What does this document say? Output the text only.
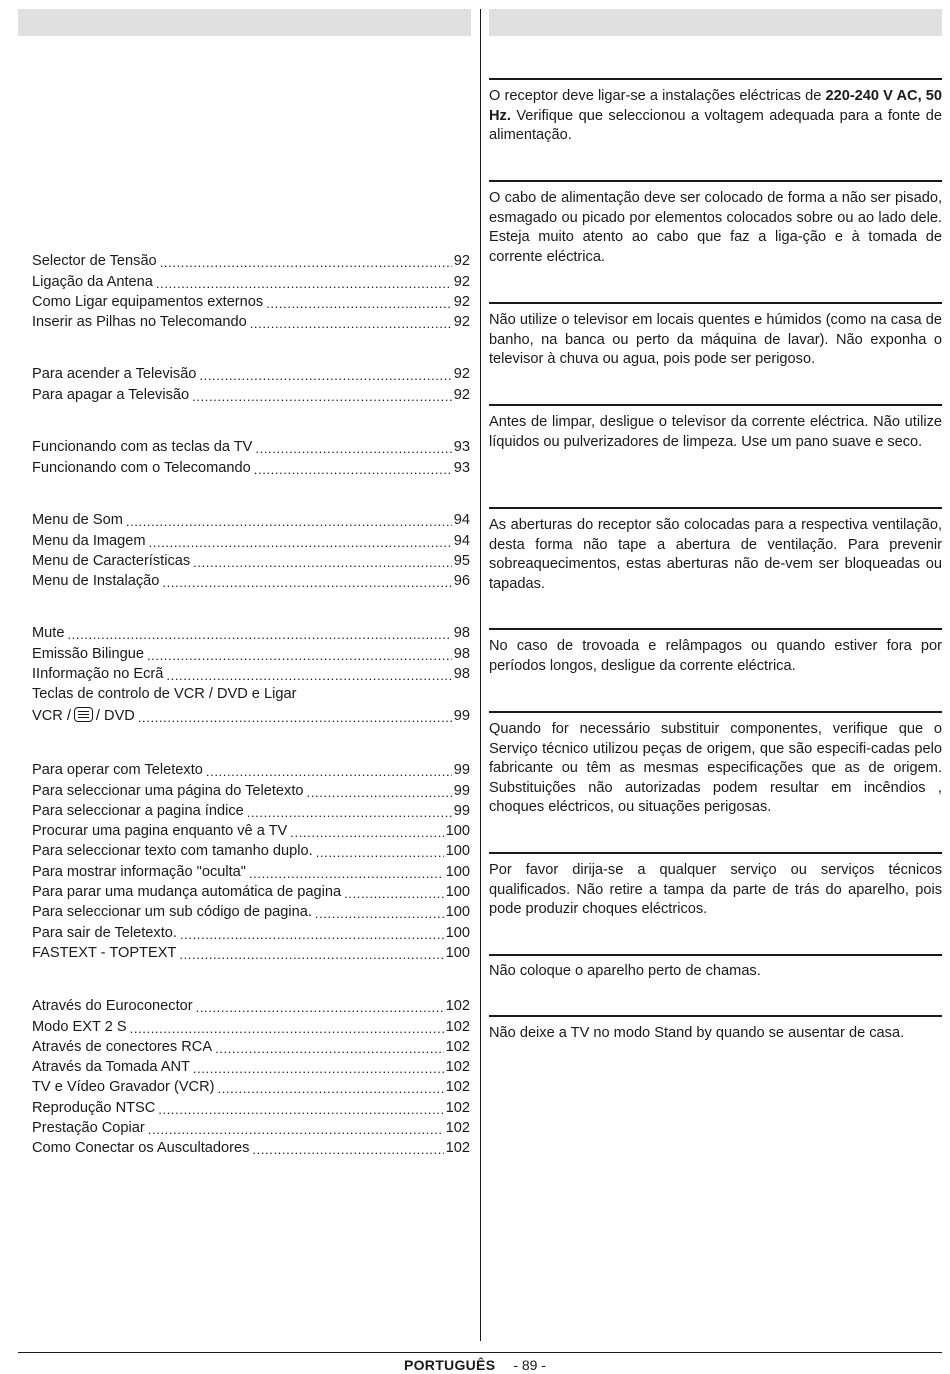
Selector de Tensão .....	92
Ligação da Antena .....	92
Como Ligar equipamentos externos .....	92
Inserir as Pilhas no Telecomando .....	92
Para acender a Televisão .....	92
Para apagar a Televisão .....	92
Funcionando com as teclas da TV .....	93
Funcionando com o Telecomando .....	93
Menu de Som .....	94
Menu da Imagem .....	94
Menu de Características .....	95
Menu de Instalação .....	96
Mute .....	98
Emissão Bilingue .....	98
IInformação no Ecrã .....	98
Teclas de controlo de VCR / DVD e Ligar
VCR / / DVD .....	99
Para operar com Teletexto .....	99
Para seleccionar uma página do Teletexto .....	99
Para seleccionar a pagina índice .....	99
Procurar uma pagina enquanto vê a TV .....	100
Para seleccionar texto com tamanho duplo. .....	100
Para mostrar informação "oculta" .....	100
Para parar uma mudança automática de pagina .....	100
Para seleccionar um sub código de pagina. .....	100
Para sair de Teletexto. .....	100
FASTEXT - TOPTEXT .....	100
Através do Euroconector .....	102
Modo EXT 2 S .....	102
Através de conectores RCA .....	102
Através da Tomada ANT .....	102
TV e Vídeo Gravador (VCR) .....	102
Reprodução NTSC .....	102
Prestação Copiar .....	102
Como Conectar os Auscultadores .....	102

O receptor deve ligar-se a instalações eléctricas de 220-240 V AC, 50 Hz. Verifique que seleccionou a voltagem adequada para a fonte de alimentação.

O cabo de alimentação deve ser colocado de forma a não ser pisado, esmagado ou picado por elementos colocados sobre ou ao lado dele. Esteja muito atento ao cabo que faz a liga-ção e à tomada de corrente eléctrica.

Não utilize o televisor em locais quentes e húmidos (como na casa de banho, na banca ou perto da máquina de lavar). Não exponha o televisor à chuva ou agua, pois pode ser perigoso.

Antes de limpar, desligue o televisor da corrente eléctrica. Não utilize líquidos ou pulverizadores de limpeza. Use um pano suave e seco.

As aberturas do receptor são colocadas para a respectiva ventilação, desta forma não tape a abertura de ventilação. Para prevenir sobreaquecimentos, estas aberturas não de-vem ser bloqueadas ou tapadas.

No caso de trovoada e relâmpagos ou quando estiver fora por períodos longos, desligue da corrente eléctrica.

Quando for necessário substituir componentes, verifique que o Serviço técnico utilizou peças de origem, que são especifi-cadas pelo fabricante ou têm as mesmas especificações que as de origem. Substituições não autorizadas podem resultar em incêndios , choques eléctricos, ou situações perigosas.

Por favor dirija-se a qualquer serviço ou serviços técnicos qualificados. Não retire a tampa da parte de trás do aparelho, pois pode produzir choques eléctricos.

Não coloque o aparelho perto de chamas.

Não deixe a TV no modo Stand by quando se ausentar de casa.

PORTUGUÊS - 89 -
